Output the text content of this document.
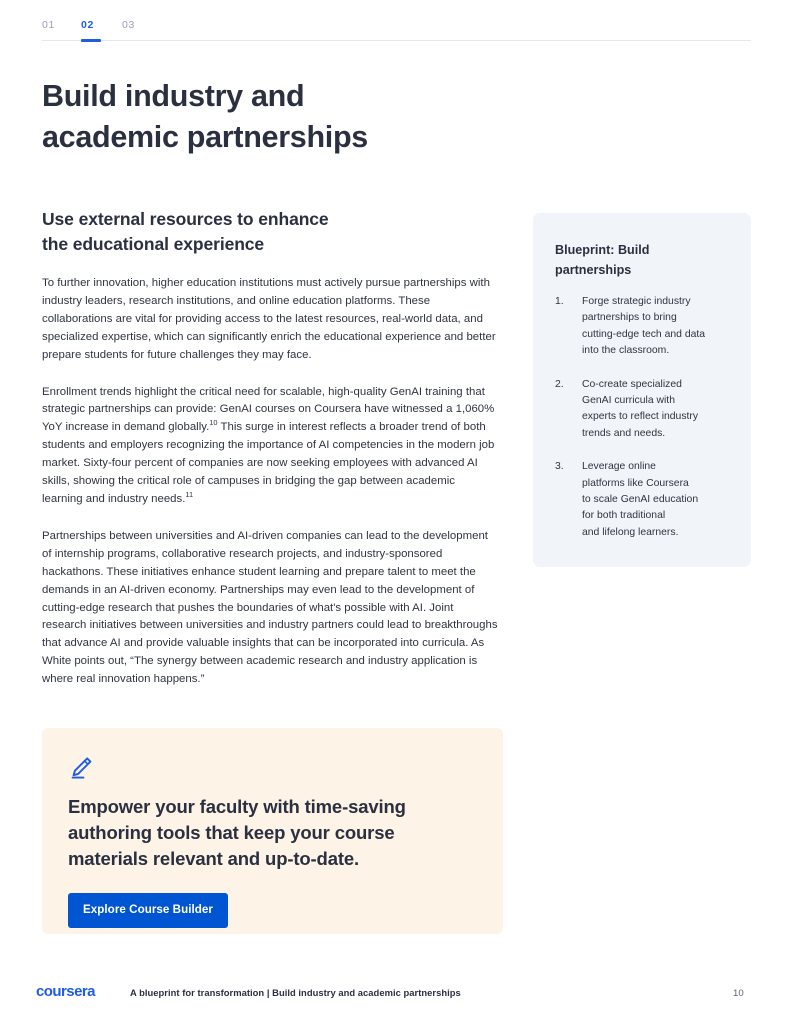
01 02	03
Build industry and
academic partnerships
Use external resources to enhance
the educational experience

To further innovation, higher education institutions must actively pursue partnerships with industry leaders, research institutions, and online education platforms. These collaborations are vital for providing access to the latest resources, real-world data, and specialized expertise, which can significantly enrich the educational experience and better prepare students for future challenges they may face.

Enrollment trends highlight the critical need for scalable, high-quality GenAI training that strategic partnerships can provide: GenAI courses on Coursera have witnessed a 1,060% YoY increase in demand globally.$^{10}$ This surge in interest reflects a broader trend of both students and employers recognizing the importance of AI competencies in the modern job market. Sixty-four percent of companies are now seeking employees with advanced AI skills, showing the critical role of campuses in bridging the gap between academic learning and industry needs.$^{11}$

Partnerships between universities and AI-driven companies can lead to the development of internship programs, collaborative research projects, and industry-sponsored hackathons. These initiatives enhance student learning and prepare talent to meet the demands in an AI-driven economy. Partnerships may even lead to the development of cutting-edge research that pushes the boundaries of what's possible with AI. Joint research initiatives between universities and industry partners could lead to breakthroughs that advance AI and provide valuable insights that can be incorporated into curricula. As White points out, “The synergy between academic research and industry application is where real innovation happens.”

Blueprint: Build
partnerships
1. Forge strategic industry
partnerships to bring
cutting-edge tech and data
into the classroom.
2. Co-create specialized
GenAI curricula with
experts to reflect industry
trends and needs.
3. Leverage online
platforms like Coursera
to scale GenAI education
for both traditional
and lifelong learners.
Empower your faculty with time-saving
authoring tools that keep your course
materials relevant and up-to-date.
Explore Course Builder
coursera	A blueprint for transformation | Build industry and academic partnerships	10
